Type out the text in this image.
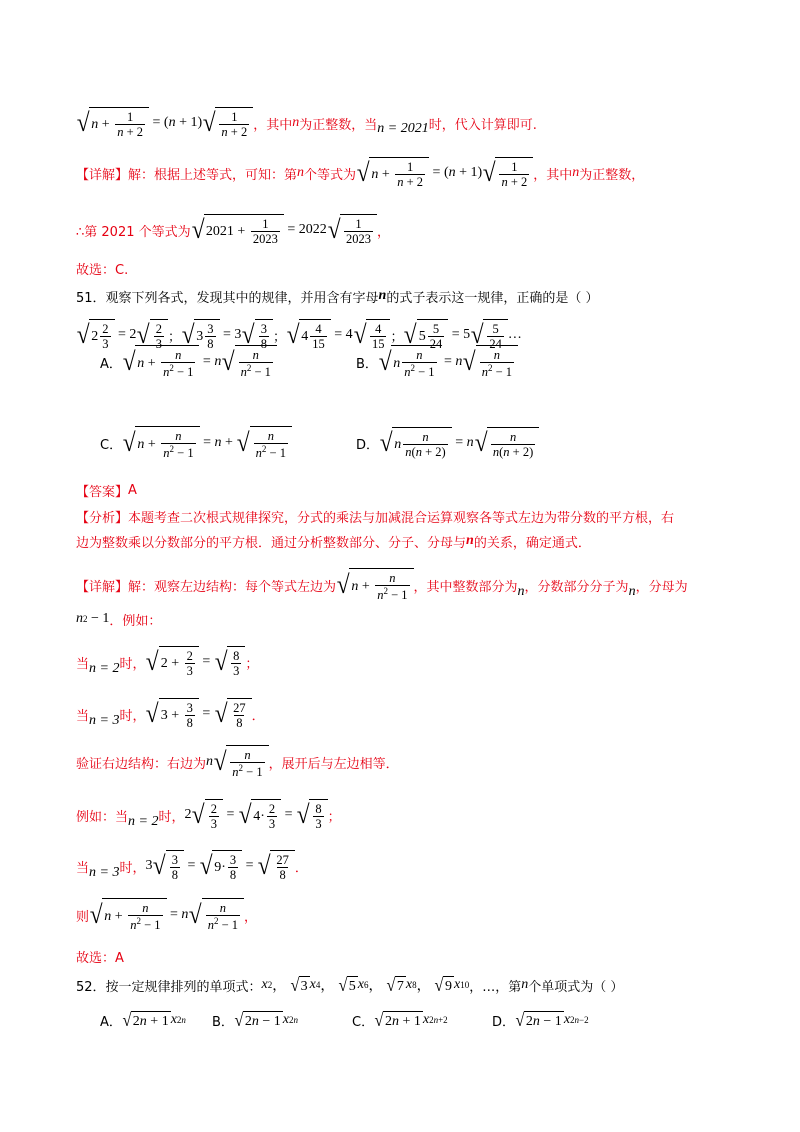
√ $n + \frac{1}{n + 2}$ = ( n + 1) √ $\frac{1}{n + 2}$ ，其中 n 为正整数，当 n = 2021 时，代入计算即可.
【详解】 解：根据上述等式，可知：第 n 个等式为 √ $n + \frac{1}{n + 2}$ = ( n + 1) √ $\frac{1}{n + 2}$ ，其中 n 为正整数，
∴第 2021 个等式为 √ $2021 + \frac{1}{2023} = 2022$ √ $\frac{1}{2023}$ ，
故选：C.
51．观察下列各式，发现其中的规律，并用含有字母 n 的式子表示这一规律，正确的是（ ）
√ $2 \frac{2}{3} = 2$ √ $\frac{2}{3}$ ； √ $3 \frac{3}{8} = 3$ √ $\frac{3}{8}$ ； √ $4 \frac{4}{15} = 4$ √ $\frac{4}{15}$ ； √ $5 \frac{5}{24} = 5$ √ $\frac{5}{24}$ …
A． √ $n + \frac{n}{n^2 - 1} = n$ √ $\frac{n}{n^2 - 1}$	B． √ n $\frac{n}{n^2 - 1} = n$ √ $\frac{n}{n^2 - 1}$
C． √ $n + \frac{n}{n^2 - 1} = n$ + √ $\frac{n}{n^2 - 1}$	D． √ n $\frac{n}{n(n + 2)} = n$ √ $\frac{n}{n(n + 2)}$
【答案】 A
【分析】 本题考查二次根式规律探究，分式的乘法与加减混合运算观察各等式左边为带分数的平方根，右
边为整数乘以分数部分的平方根．通过分析整数部分、分子、分母与 n 的关系，确定通式．
【详解】 解：观察左边结构：每个等式左边为 √ $n + \frac{n}{n^2 - 1}$ ，其中整数部分为 n ，分数部分分子为 n ，分母为
n 2 − 1 ．例如：
当 n = 2 时， √ $2 + \frac{2}{3}$ = √ $\frac{8}{3}$ ；
当 n = 3 时， √ $3 + \frac{3}{8}$ = √ $\frac{27}{8}$ ．
验证右边结构：右边为 n √ $\frac{n}{n^2 - 1}$ ，展开后与左边相等．
例如：当 n = 2 时， 2 √ $\frac{2}{3}$ = √ $4\cdot \frac{2}{3}$ = √ $\frac{8}{3}$ ；
当 n = 3 时， 3 √ $\frac{3}{8}$ = √ $9\cdot \frac{3}{8}$ = √ $\frac{27}{8}$ ．
则 √ $n + \frac{n}{n^2 - 1} = n$ √ $\frac{n}{n^2 - 1}$ ，
故选：A
52．按一定规律排列的单项式： x 2 ， √ 3 x 4 ， √ 5 x 6 ， √ 7 x 8 ， √ 9 x 10 ，…，第 n 个单项式为（ ）
A． √ 2 n + 1 x 2n B． √ 2 n − 1 x 2n	C． √ 2 n + 1 x 2n+2	D． √ 2 n − 1 x 2n−2
